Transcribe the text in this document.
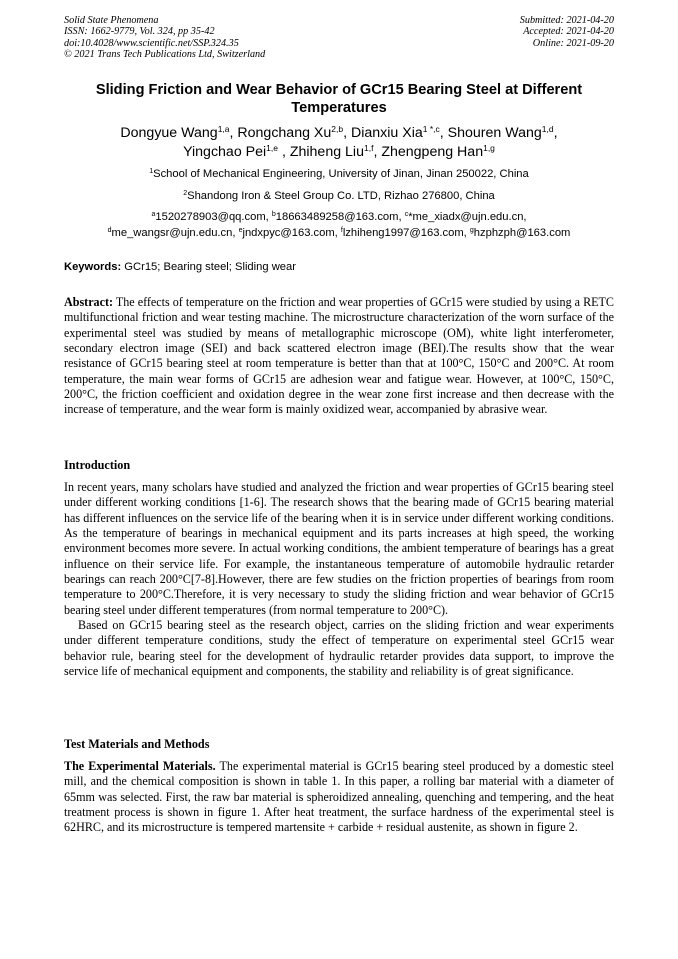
Solid State Phenomena
ISSN: 1662-9779, Vol. 324, pp 35-42
doi:10.4028/www.scientific.net/SSP.324.35
© 2021 Trans Tech Publications Ltd, Switzerland
Submitted: 2021-04-20
Accepted: 2021-04-20
Online: 2021-09-20
Sliding Friction and Wear Behavior of GCr15 Bearing Steel at Different
Temperatures
Dongyue Wang$^{1,a}$, Rongchang Xu$^{2,b}$, Dianxiu Xia$^{1 *,c}$, Shouren Wang$^{1,d}$,
Yingchao Pei$^{1,e}$ , Zhiheng Liu$^{1,f}$, Zhengpeng Han$^{1,g}$
$^1$School of Mechanical Engineering, University of Jinan, Jinan 250022, China
$^2$Shandong Iron & Steel Group Co. LTD, Rizhao 276800, China
$^a$1520278903@qq.com, $^b$18663489258@163.com, $^c$*me_xiadx@ujn.edu.cn,
$^d$me_wangsr@ujn.edu.cn, $^e$jndxpyc@163.com, $^f$lzhiheng1997@163.com, $^g$hzphzph@163.com
Keywords: GCr15; Bearing steel; Sliding wear

Abstract: The effects of temperature on the friction and wear properties of GCr15 were studied by using a RETC multifunctional friction and wear testing machine. The microstructure characterization of the worn surface of the experimental steel was studied by means of metallographic microscope (OM), white light interferometer, secondary electron image (SEI) and back scattered electron image (BEI).The results show that the wear resistance of GCr15 bearing steel at room temperature is better than that at 100°C, 150°C and 200°C. At room temperature, the main wear forms of GCr15 are adhesion wear and fatigue wear. However, at 100°C, 150°C, 200°C, the friction coefficient and oxidation degree in the wear zone first increase and then decrease with the increase of temperature, and the wear form is mainly oxidized wear, accompanied by abrasive wear.

Introduction

In recent years, many scholars have studied and analyzed the friction and wear properties of GCr15 bearing steel under different working conditions [1-6]. The research shows that the bearing made of GCr15 bearing material has different influences on the service life of the bearing when it is in service under different working conditions. As the temperature of bearings in mechanical equipment and its parts increases at high speed, the working environment becomes more severe. In actual working conditions, the ambient temperature of bearings has a great influence on their service life. For example, the instantaneous temperature of automobile hydraulic retarder bearings can reach 200°C[7-8].However, there are few studies on the friction properties of bearings from room temperature to 200°C.Therefore, it is very necessary to study the sliding friction and wear behavior of GCr15 bearing steel under different temperatures (from normal temperature to 200°C).

Based on GCr15 bearing steel as the research object, carries on the sliding friction and wear experiments under different temperature conditions, study the effect of temperature on experimental steel GCr15 wear behavior rule, bearing steel for the development of hydraulic retarder provides data support, to improve the service life of mechanical equipment and components, the stability and reliability is of great significance.

Test Materials and Methods

The Experimental Materials. The experimental material is GCr15 bearing steel produced by a domestic steel mill, and the chemical composition is shown in table 1. In this paper, a rolling bar material with a diameter of 65mm was selected. First, the raw bar material is spheroidized annealing, quenching and tempering, and the heat treatment process is shown in figure 1. After heat treatment, the surface hardness of the experimental steel is 62HRC, and its microstructure is tempered martensite + carbide + residual austenite, as shown in figure 2.
